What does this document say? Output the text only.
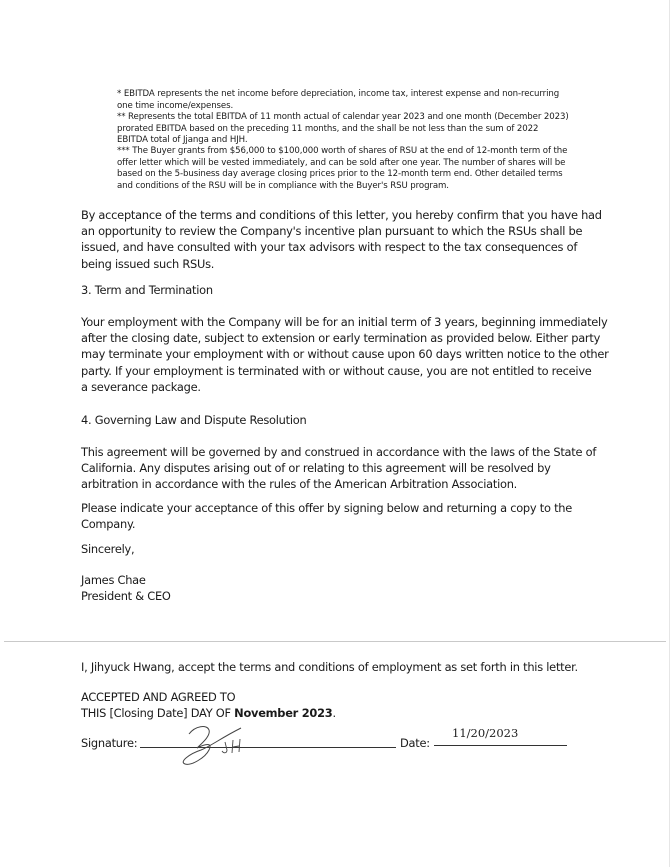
* EBITDA represents the net income before depreciation, income tax, interest expense and non-recurring
one time income/expenses.
** Represents the total EBITDA of 11 month actual of calendar year 2023 and one month (December 2023)
prorated EBITDA based on the preceding 11 months, and the shall be not less than the sum of 2022
EBITDA total of Jjanga and HJH.
*** The Buyer grants from $56,000 to $100,000 worth of shares of RSU at the end of 12-month term of the
offer letter which will be vested immediately, and can be sold after one year. The number of shares will be
based on the 5-business day average closing prices prior to the 12-month term end. Other detailed terms
and conditions of the RSU will be in compliance with the Buyer's RSU program.
By acceptance of the terms and conditions of this letter, you hereby confirm that you have had
an opportunity to review the Company's incentive plan pursuant to which the RSUs shall be
issued, and have consulted with your tax advisors with respect to the tax consequences of
being issued such RSUs.
3. Term and Termination
Your employment with the Company will be for an initial term of 3 years, beginning immediately
after the closing date, subject to extension or early termination as provided below. Either party
may terminate your employment with or without cause upon 60 days written notice to the other
party. If your employment is terminated with or without cause, you are not entitled to receive
a severance package.
4. Governing Law and Dispute Resolution
This agreement will be governed by and construed in accordance with the laws of the State of
California. Any disputes arising out of or relating to this agreement will be resolved by
arbitration in accordance with the rules of the American Arbitration Association.
Please indicate your acceptance of this offer by signing below and returning a copy to the
Company.
Sincerely,
James Chae
President & CEO
I, Jihyuck Hwang, accept the terms and conditions of employment as set forth in this letter.
ACCEPTED AND AGREED TO
THIS [Closing Date] DAY OF November 2023.
Signature:	Date:
11/20/2023
